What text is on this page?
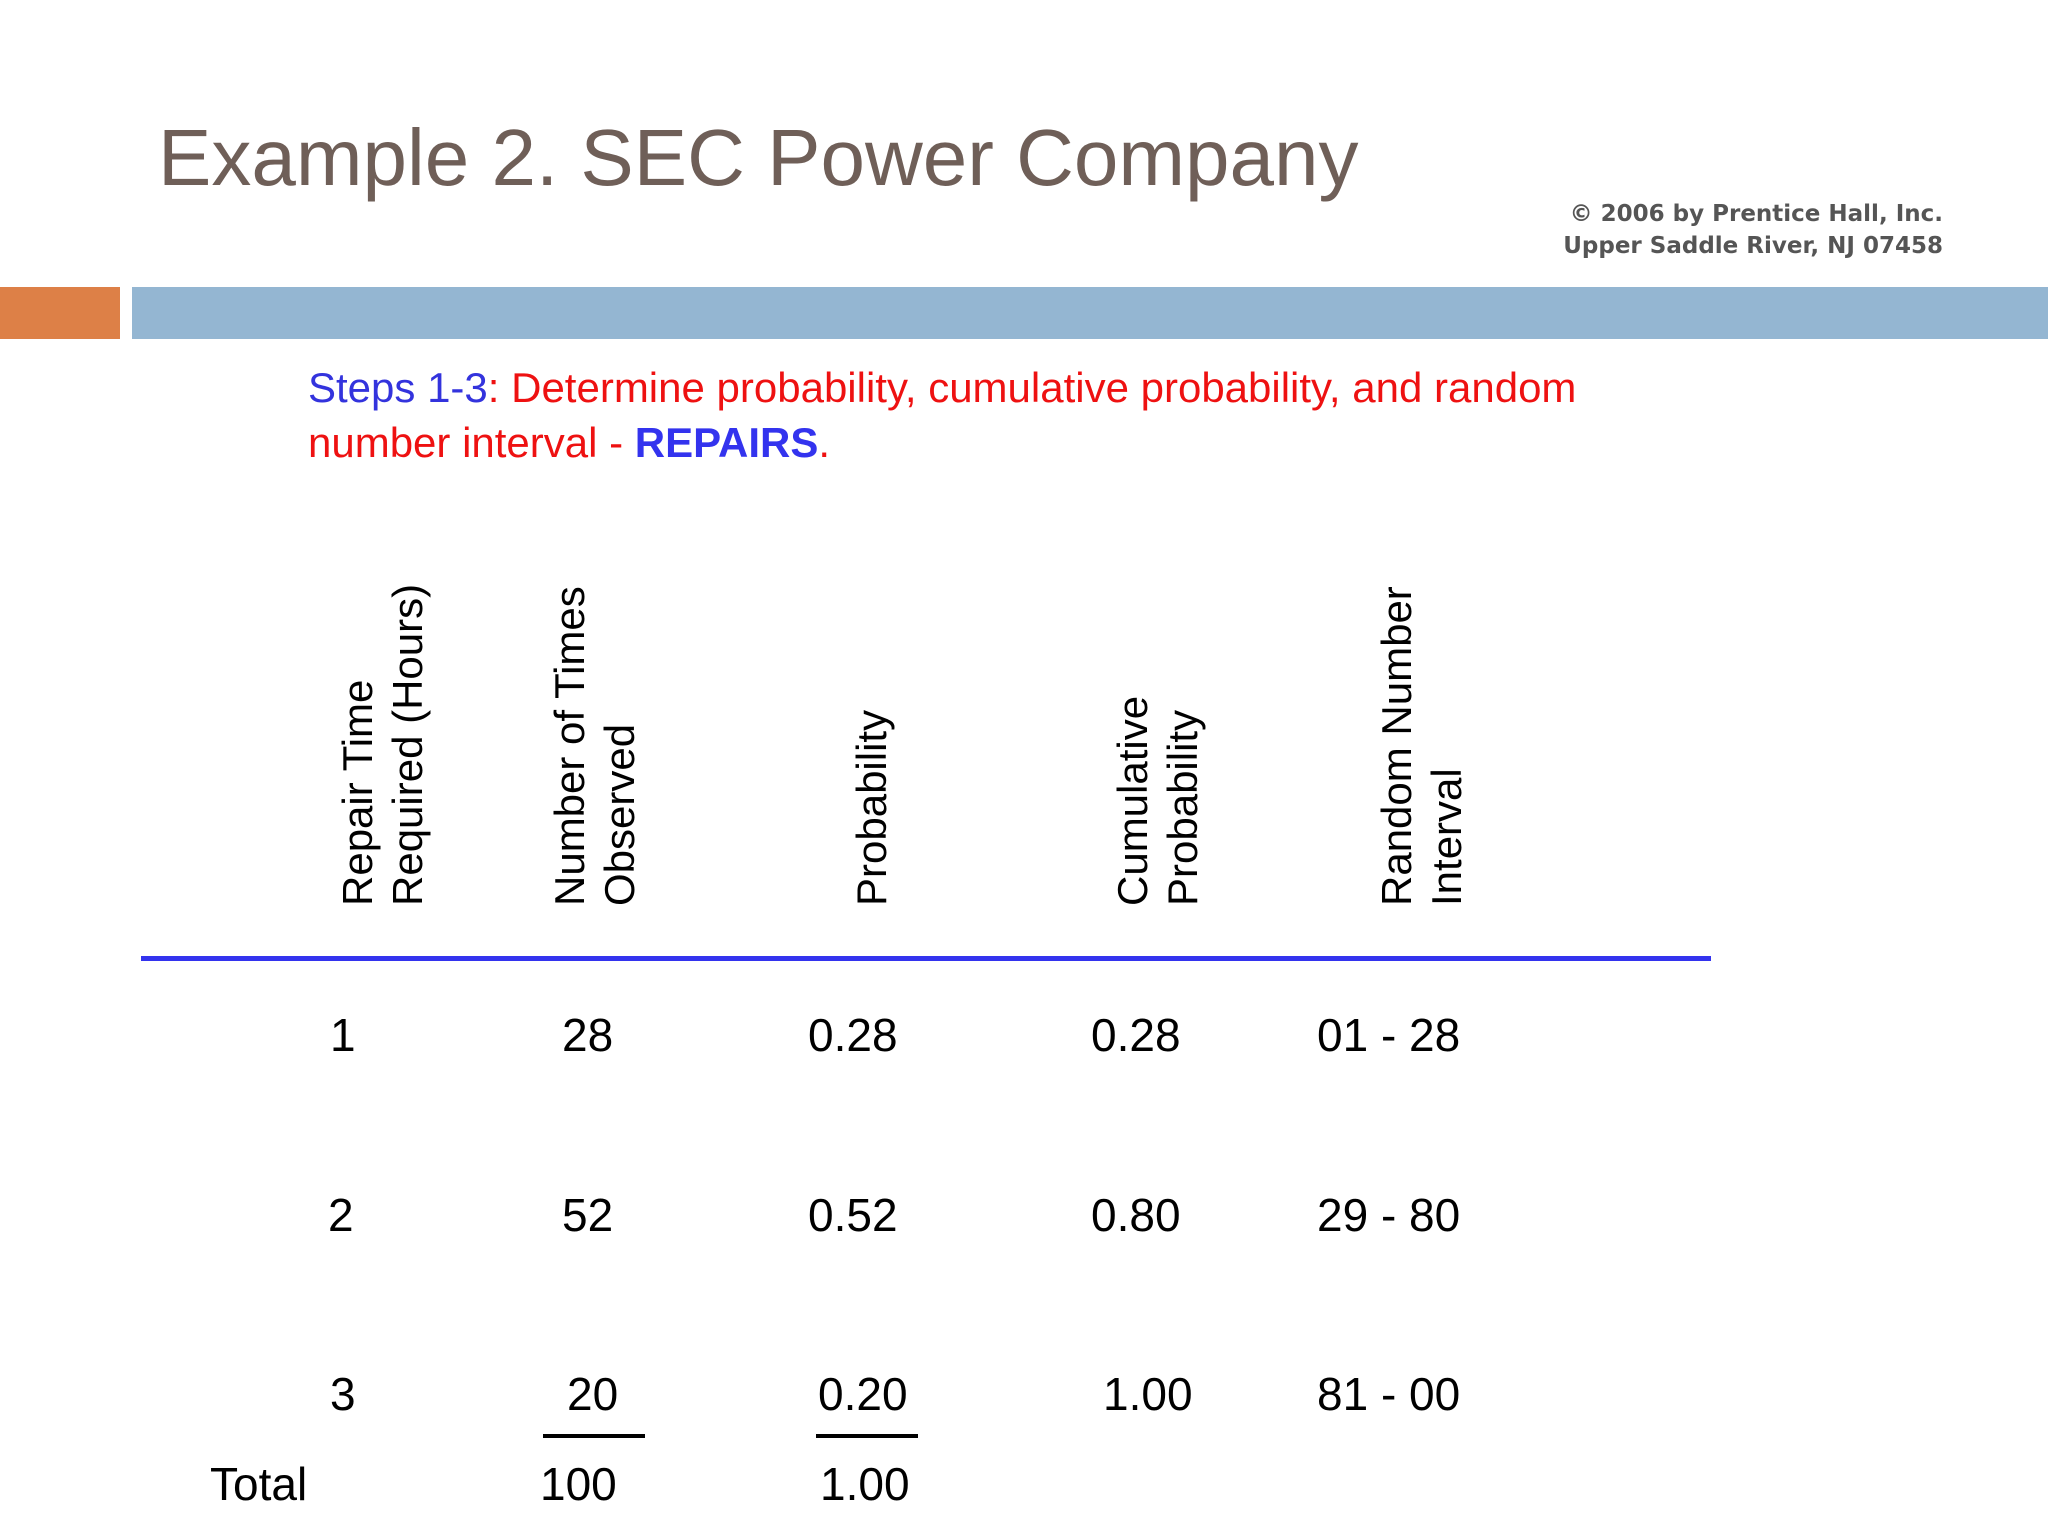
Example 2. SEC Power Company
© 2006 by Prentice Hall, Inc.
Upper Saddle River, NJ 07458
Steps 1-3: Determine probability, cumulative probability, and random number interval - REPAIRS.
Repair Time Required (Hours)	Number of Times Observed	Probability	Cumulative Probability	Random Number Interval
1	28	0.28	0.28	01 - 28
2	52	0.52	0.80	29 - 80
3	20	0.20	1.00	81 - 00
Total	100	1.00
